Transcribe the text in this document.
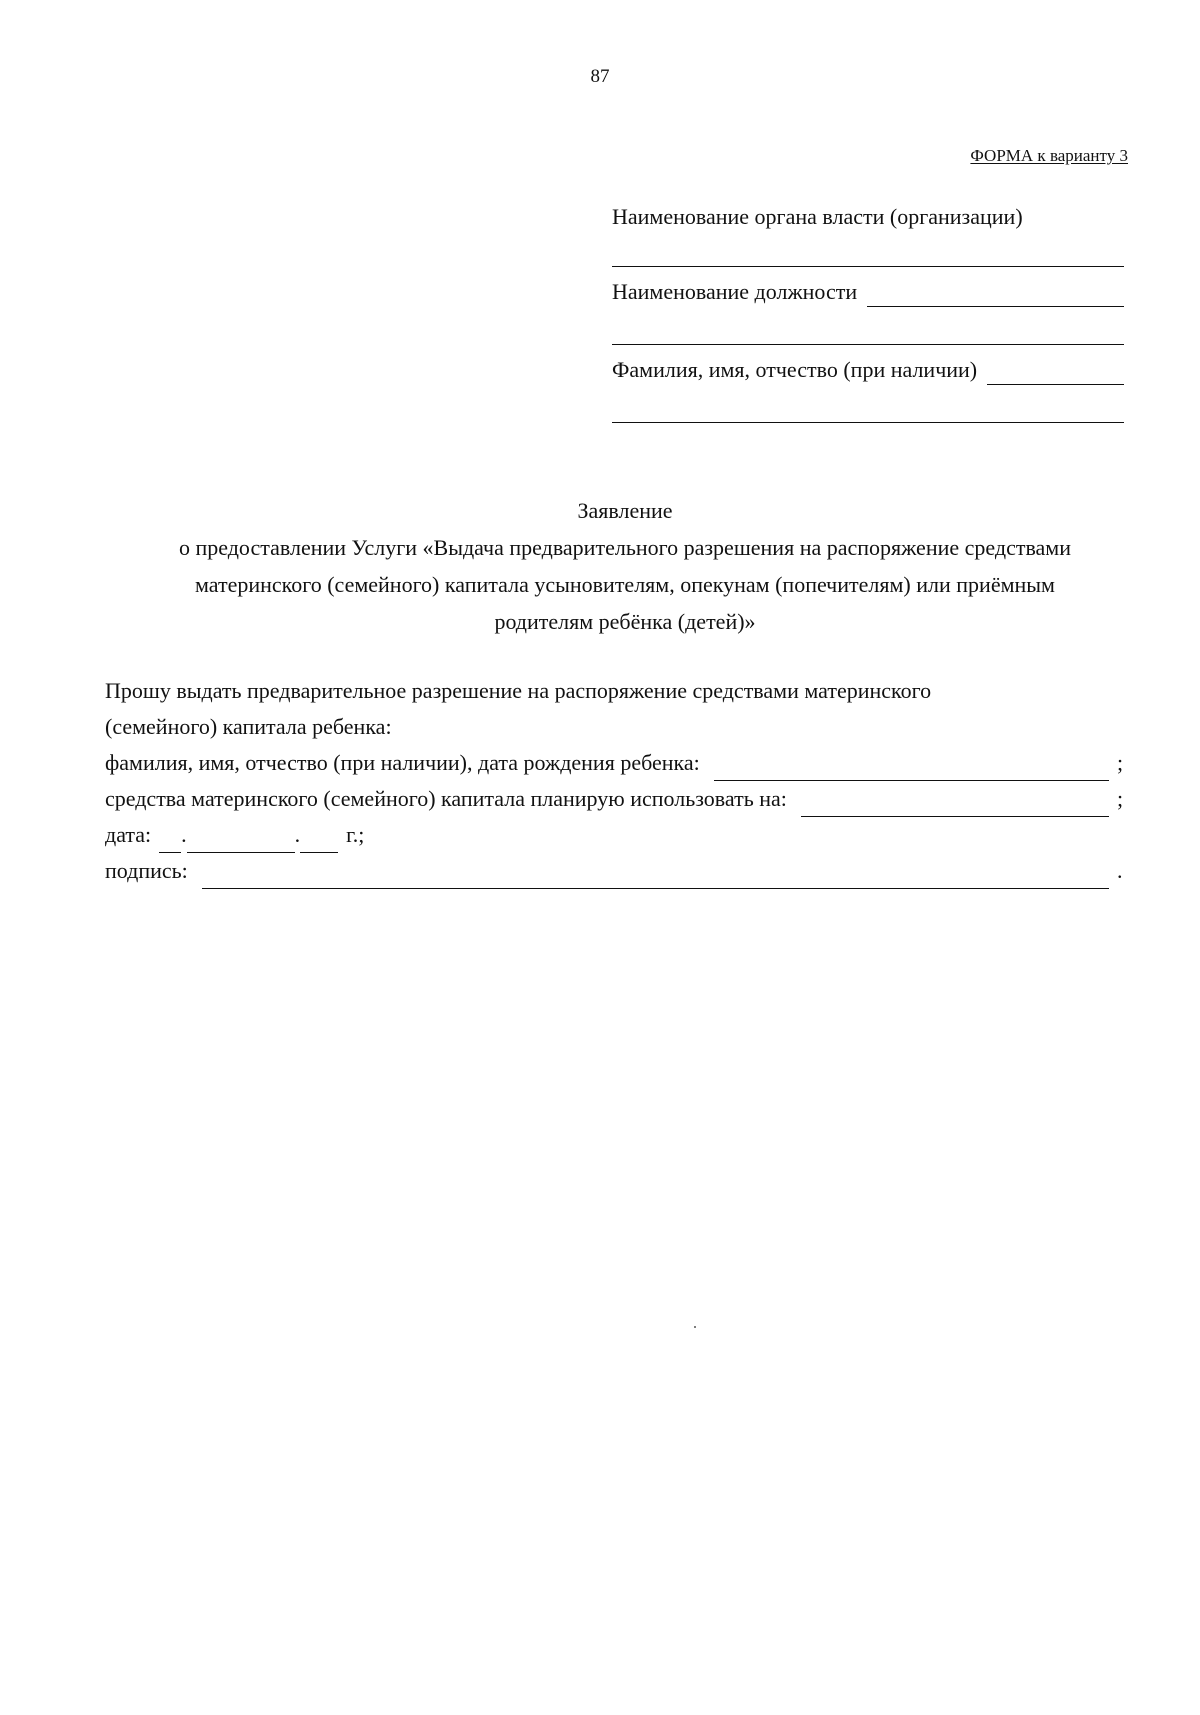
87
ФОРМА к варианту 3
Наименование органа власти (организации)
Наименование должности
Фамилия, имя, отчество (при наличии)
Заявление
о предоставлении Услуги «Выдача предварительного разрешения на распоряжение средствами
материнского (семейного) капитала усыновителям, опекунам (попечителям) или приёмным
родителям ребёнка (детей)»
Прошу выдать предварительное разрешение на распоряжение средствами материнского
(семейного) капитала ребенка:
фамилия, имя, отчество (при наличии), дата рождения ребенка:	;
средства материнского (семейного) капитала планирую использовать на:	;
дата: .	. г.;
подпись:	.
